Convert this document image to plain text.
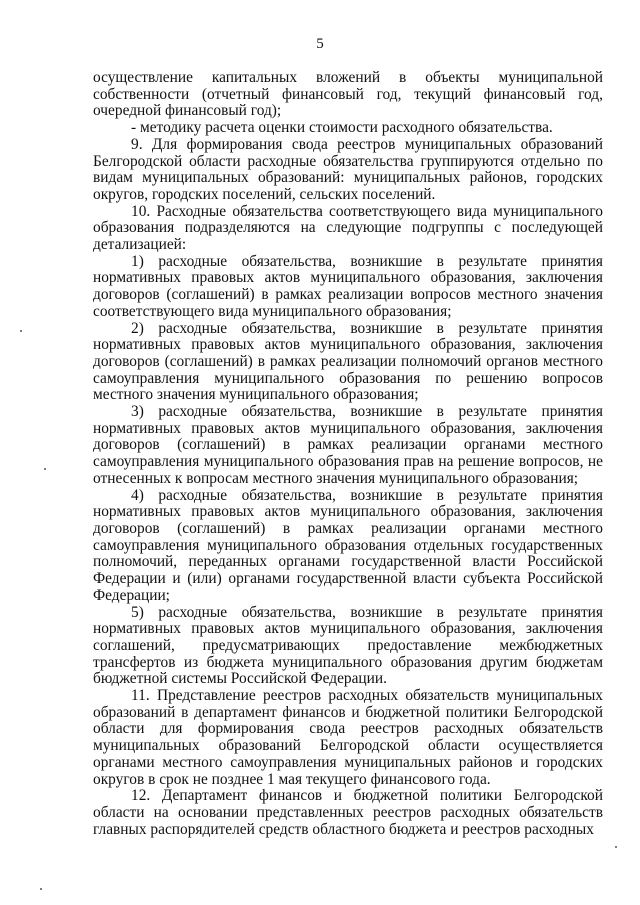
5

осуществление капитальных вложений в объекты муниципальной собственности (отчетный финансовый год, текущий финансовый год, очередной финансовый год);

- методику расчета оценки стоимости расходного обязательства.

9. Для формирования свода реестров муниципальных образований Белгородской области расходные обязательства группируются отдельно по видам муниципальных образований: муниципальных районов, городских округов, городских поселений, сельских поселений.

10. Расходные обязательства соответствующего вида муниципального образования подразделяются на следующие подгруппы с последующей детализацией:

1) расходные обязательства, возникшие в результате принятия нормативных правовых актов муниципального образования, заключения договоров (соглашений) в рамках реализации вопросов местного значения соответствующего вида муниципального образования;

2) расходные обязательства, возникшие в результате принятия нормативных правовых актов муниципального образования, заключения договоров (соглашений) в рамках реализации полномочий органов местного самоуправления муниципального образования по решению вопросов местного значения муниципального образования;

3) расходные обязательства, возникшие в результате принятия нормативных правовых актов муниципального образования, заключения договоров (соглашений) в рамках реализации органами местного самоуправления муниципального образования прав на решение вопросов, не отнесенных к вопросам местного значения муниципального образования;

4) расходные обязательства, возникшие в результате принятия нормативных правовых актов муниципального образования, заключения договоров (соглашений) в рамках реализации органами местного самоуправления муниципального образования отдельных государственных полномочий, переданных органами государственной власти Российской Федерации и (или) органами государственной власти субъекта Российской Федерации;

5) расходные обязательства, возникшие в результате принятия нормативных правовых актов муниципального образования, заключения соглашений, предусматривающих предоставление межбюджетных трансфертов из бюджета муниципального образования другим бюджетам бюджетной системы Российской Федерации.

11. Представление реестров расходных обязательств муниципальных образований в департамент финансов и бюджетной политики Белгородской области для формирования свода реестров расходных обязательств муниципальных образований Белгородской области осуществляется органами местного самоуправления муниципальных районов и городских округов в срок не позднее 1 мая текущего финансового года.

12. Департамент финансов и бюджетной политики Белгородской области на основании представленных реестров расходных обязательств главных распорядителей средств областного бюджета и реестров расходных
